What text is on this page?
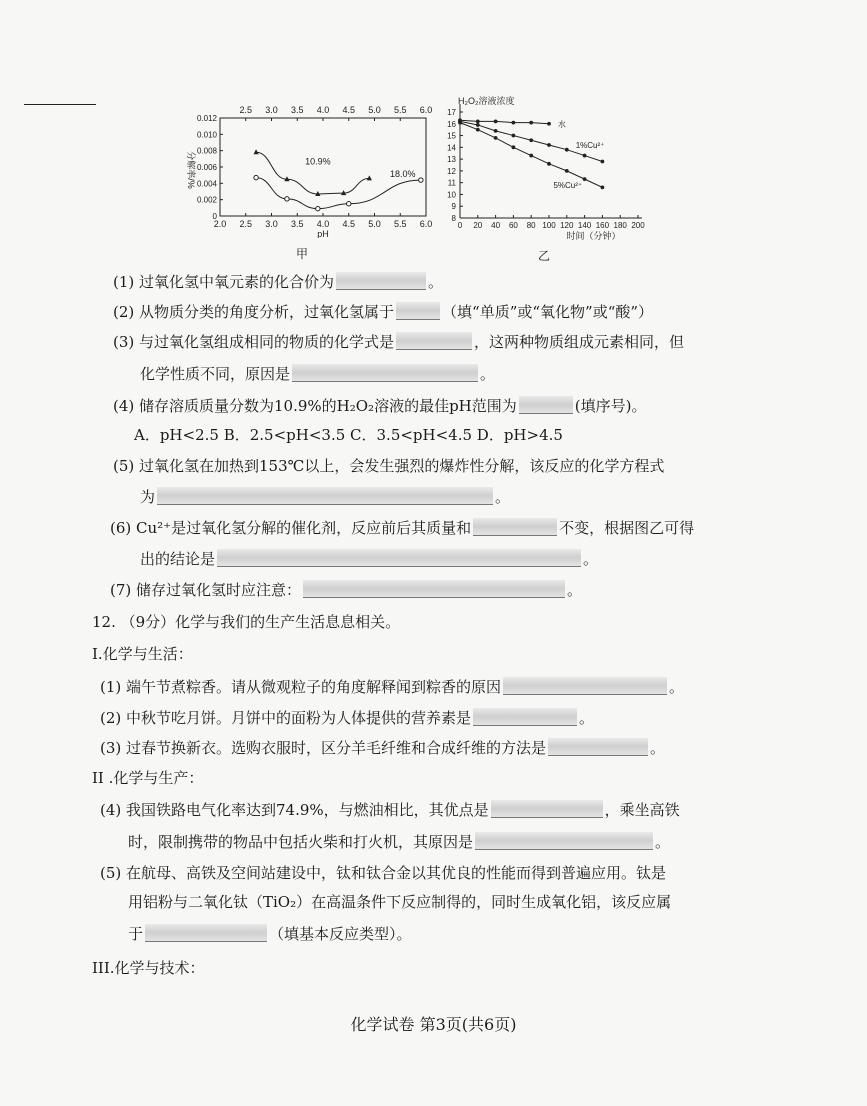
2.0 2.5 3.0 3.5 4.0 4.5 5.0 5.5 6.0
2.5 3.0 3.5 4.0 4.5 5.0 5.5 6.0
0
0.002
0.004
0.006
0.008
0.010
0.012
分解率/%
pH
10.9%
18.0%
0 20 40 60 80 100 120 140 160 180 200
8
9
10
11
12
13
14
15
16
17
H₂O₂溶液浓度
时间（分钟）
水
1%Cu²⁺
5%Cu²⁺
甲	乙
(1) 过氧化氢中氧元素的化合价为	。
(2) 从物质分类的角度分析，过氧化氢属于	（填“单质”或“氧化物”或“酸”）
(3) 与过氧化氢组成相同的物质的化学式是	，这两种物质组成元素相同，但
化学性质不同，原因是	。
(4) 储存溶质质量分数为10.9%的H₂O₂溶液的最佳pH范围为	(填序号)。
A．pH<2.5 B．2.5<pH<3.5 C．3.5<pH<4.5 D．pH>4.5
(5) 过氧化氢在加热到153℃以上，会发生强烈的爆炸性分解，该反应的化学方程式
为	。
(6) Cu²⁺是过氧化氢分解的催化剂，反应前后其质量和	不变，根据图乙可得
出的结论是	。
(7) 储存过氧化氢时应注意：	。
12. （9分）化学与我们的生产生活息息相关。
I.化学与生活：
(1) 端午节煮粽香。请从微观粒子的角度解释闻到粽香的原因	。
(2) 中秋节吃月饼。月饼中的面粉为人体提供的营养素是	。
(3) 过春节换新衣。选购衣服时，区分羊毛纤维和合成纤维的方法是	。
II .化学与生产：
(4) 我国铁路电气化率达到74.9%，与燃油相比，其优点是	，乘坐高铁
时，限制携带的物品中包括火柴和打火机，其原因是	。
(5) 在航母、高铁及空间站建设中，钛和钛合金以其优良的性能而得到普遍应用。钛是
用铝粉与二氧化钛（TiO₂）在高温条件下反应制得的，同时生成氧化铝，该反应属
于	（填基本反应类型）。
III.化学与技术：
化学试卷 第3页(共6页)
